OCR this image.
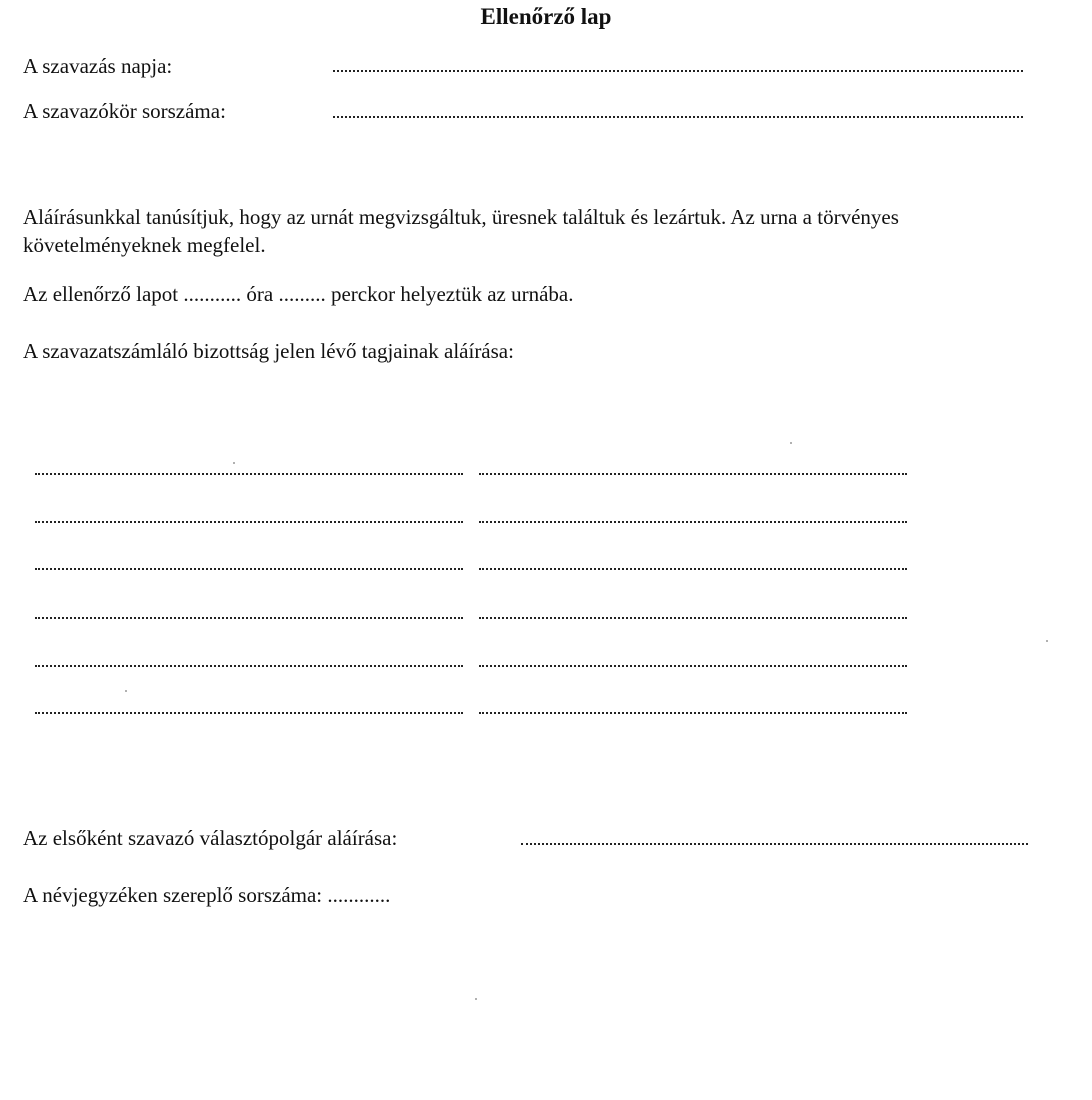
Ellenőrző lap
A szavazás napja:
A szavazókör sorszáma:
Aláírásunkkal tanúsítjuk, hogy az urnát megvizsgáltuk, üresnek találtuk és lezártuk. Az urna a törvényes követelményeknek megfelel.
Az ellenőrző lapot ........... óra ......... perckor helyeztük az urnába.
A szavazatszámláló bizottság jelen lévő tagjainak aláírása:
Az elsőként szavazó választópolgár aláírása:
A névjegyzéken szereplő sorszáma: ............
